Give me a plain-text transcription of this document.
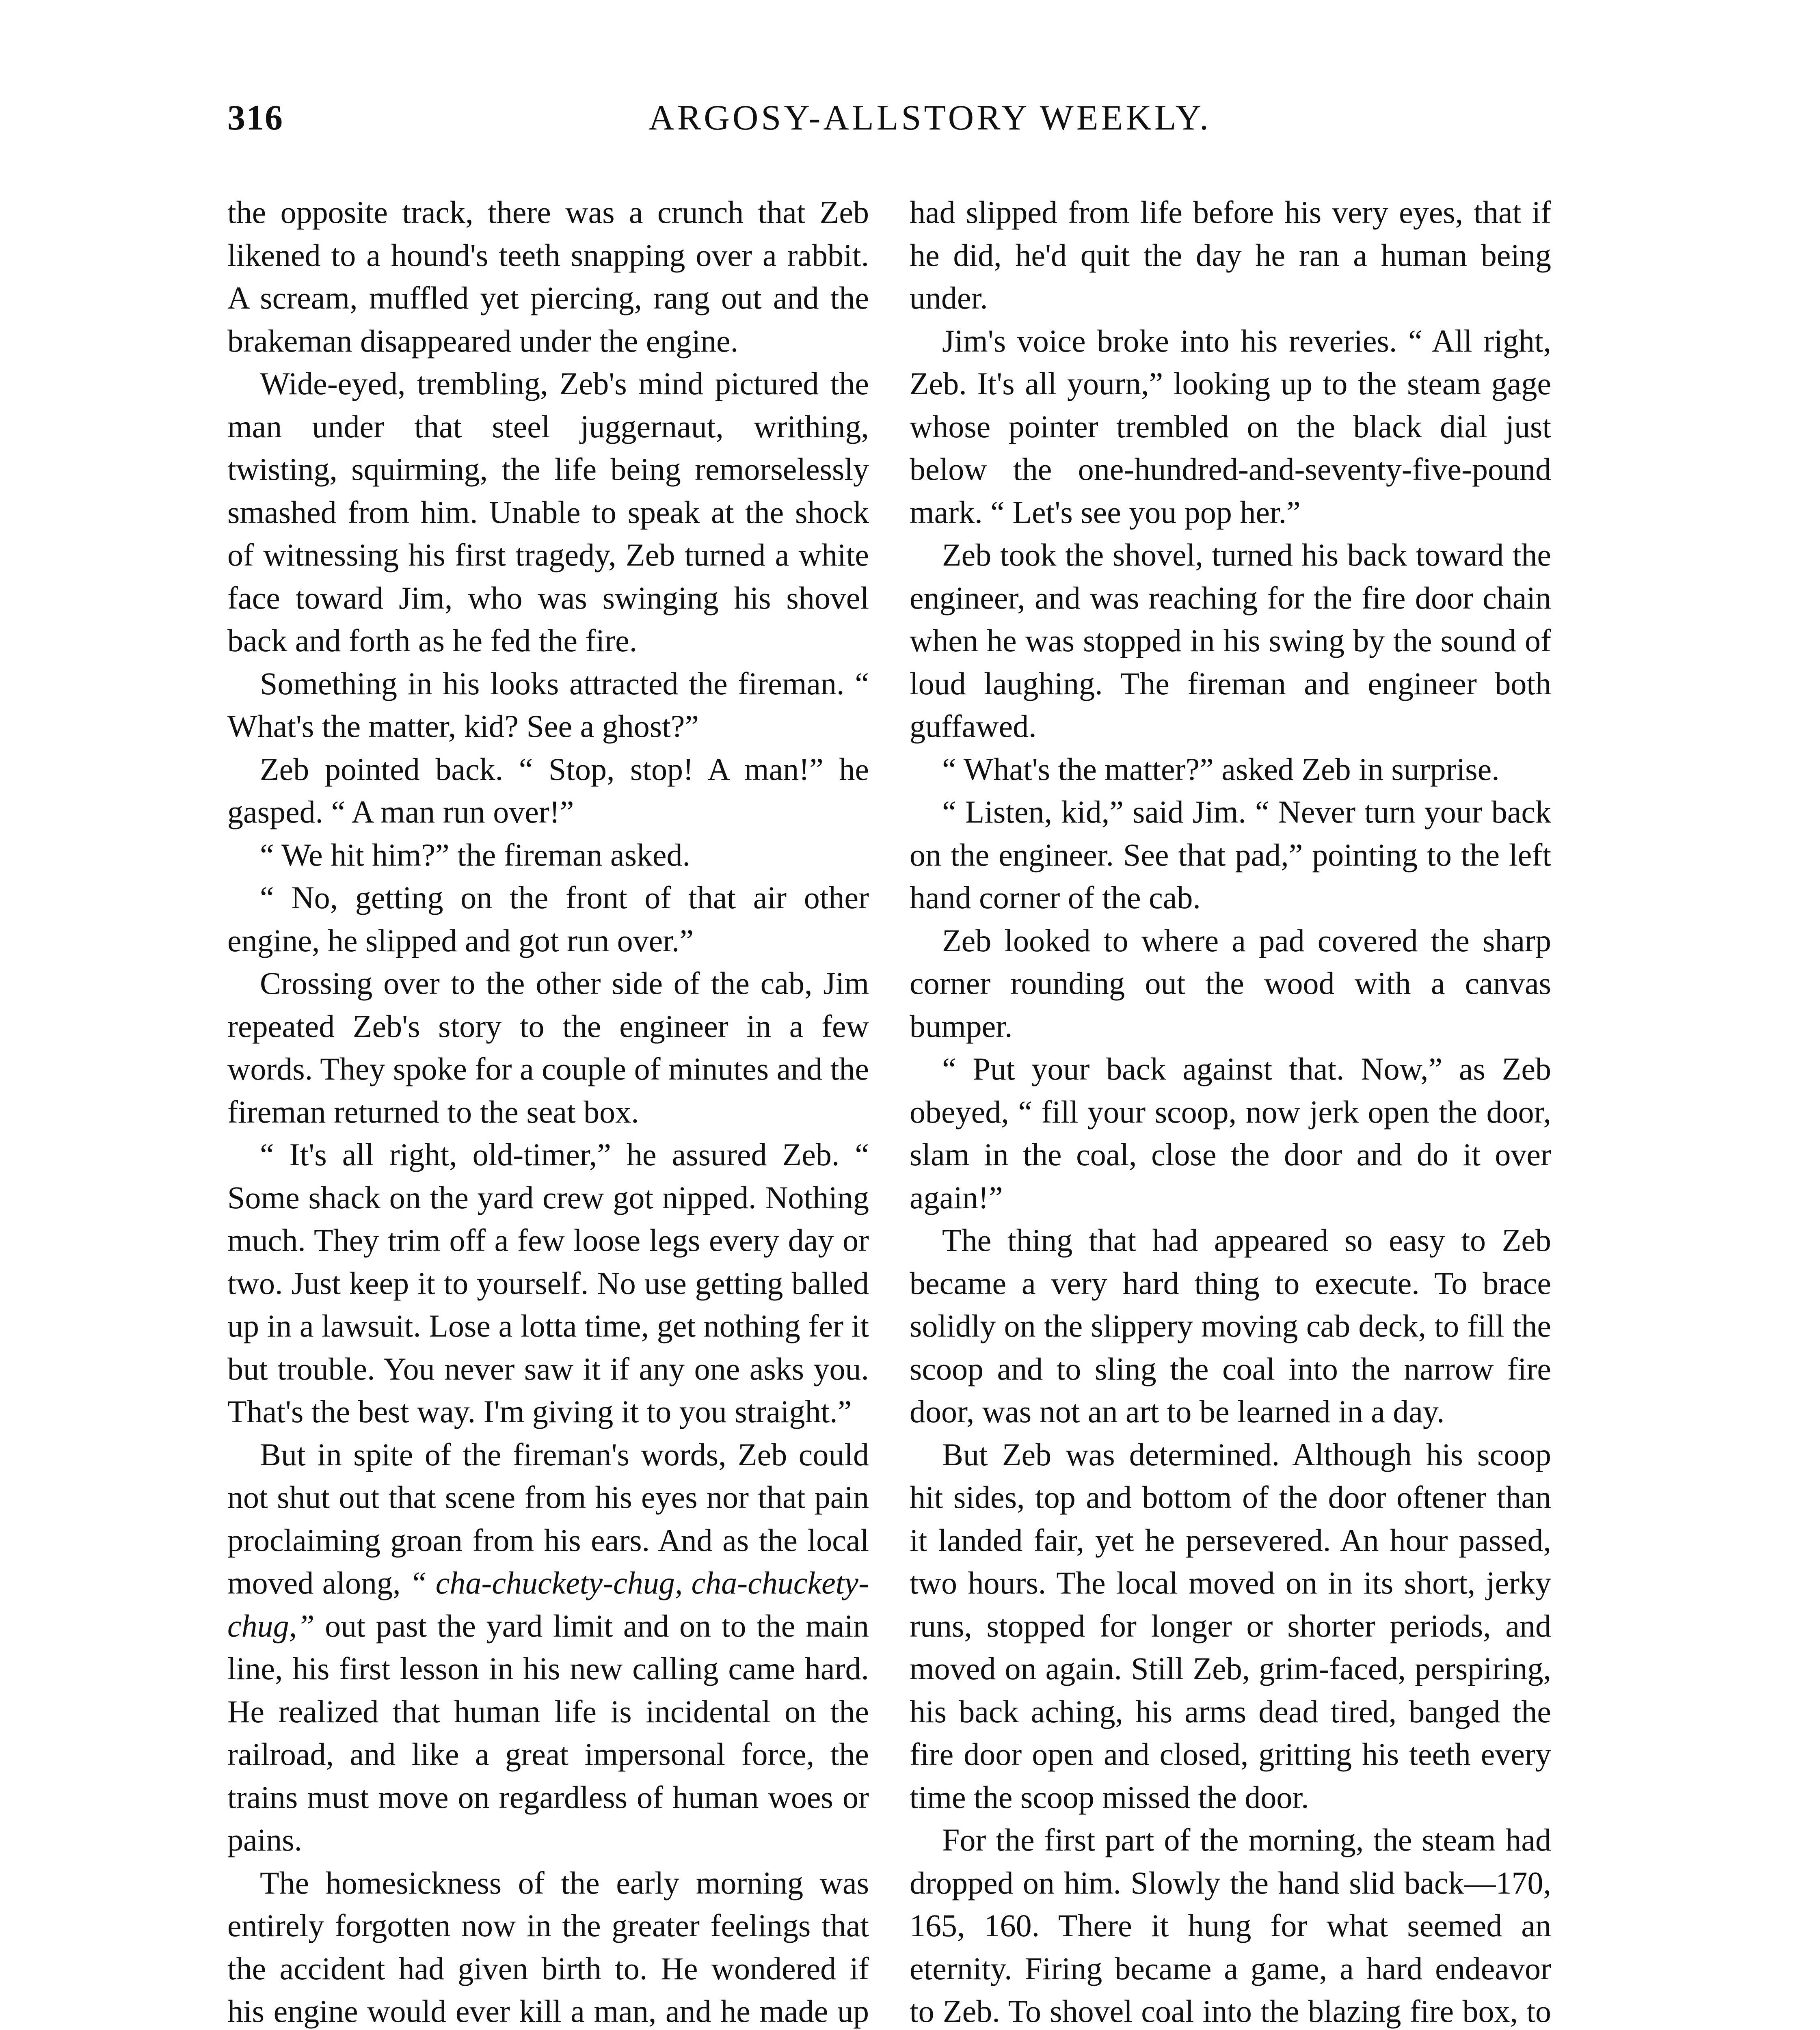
316	ARGOSY-ALLSTORY WEEKLY.

the opposite track, there was a crunch that Zeb likened to a hound's teeth snapping over a rabbit. A scream, muffled yet piercing, rang out and the brakeman disappeared under the engine.

Wide-eyed, trembling, Zeb's mind pictured the man under that steel juggernaut, writhing, twisting, squirming, the life being remorselessly smashed from him. Unable to speak at the shock of witnessing his first tragedy, Zeb turned a white face toward Jim, who was swinging his shovel back and forth as he fed the fire.

Something in his looks attracted the fireman. “ What's the matter, kid? See a ghost?”

Zeb pointed back. “ Stop, stop! A man!” he gasped. “ A man run over!”

“ We hit him?” the fireman asked.

“ No, getting on the front of that air other engine, he slipped and got run over.”

Crossing over to the other side of the cab, Jim repeated Zeb's story to the engineer in a few words. They spoke for a couple of minutes and the fireman returned to the seat box.

“ It's all right, old-timer,” he assured Zeb. “ Some shack on the yard crew got nipped. Nothing much. They trim off a few loose legs every day or two. Just keep it to yourself. No use getting balled up in a lawsuit. Lose a lotta time, get nothing fer it but trouble. You never saw it if any one asks you. That's the best way. I'm giving it to you straight.”

But in spite of the fireman's words, Zeb could not shut out that scene from his eyes nor that pain proclaiming groan from his ears. And as the local moved along, “ cha-chuckety-chug, cha-chuckety-chug,” out past the yard limit and on to the main line, his first lesson in his new calling came hard. He realized that human life is incidental on the railroad, and like a great impersonal force, the trains must move on regardless of human woes or pains.

The homesickness of the early morning was entirely forgotten now in the greater feelings that the accident had given birth to. He wondered if his engine would ever kill a man, and he made up

had slipped from life before his very eyes, that if he did, he'd quit the day he ran a human being under.

Jim's voice broke into his reveries. “ All right, Zeb. It's all yourn,” looking up to the steam gage whose pointer trembled on the black dial just below the one-hundred-and-seventy-five-pound mark. “ Let's see you pop her.”

Zeb took the shovel, turned his back toward the engineer, and was reaching for the fire door chain when he was stopped in his swing by the sound of loud laughing. The fireman and engineer both guffawed.

“ What's the matter?” asked Zeb in surprise.

“ Listen, kid,” said Jim. “ Never turn your back on the engineer. See that pad,” pointing to the left hand corner of the cab.

Zeb looked to where a pad covered the sharp corner rounding out the wood with a canvas bumper.

“ Put your back against that. Now,” as Zeb obeyed, “ fill your scoop, now jerk open the door, slam in the coal, close the door and do it over again!”

The thing that had appeared so easy to Zeb became a very hard thing to execute. To brace solidly on the slippery moving cab deck, to fill the scoop and to sling the coal into the narrow fire door, was not an art to be learned in a day.

But Zeb was determined. Although his scoop hit sides, top and bottom of the door oftener than it landed fair, yet he persevered. An hour passed, two hours. The local moved on in its short, jerky runs, stopped for longer or shorter periods, and moved on again. Still Zeb, grim-faced, perspiring, his back aching, his arms dead tired, banged the fire door open and closed, gritting his teeth every time the scoop missed the door.

For the first part of the morning, the steam had dropped on him. Slowly the hand slid back—170, 165, 160. There it hung for what seemed an eternity. Firing became a game, a hard endeavor to Zeb. To shovel coal into the blazing fire box, to
